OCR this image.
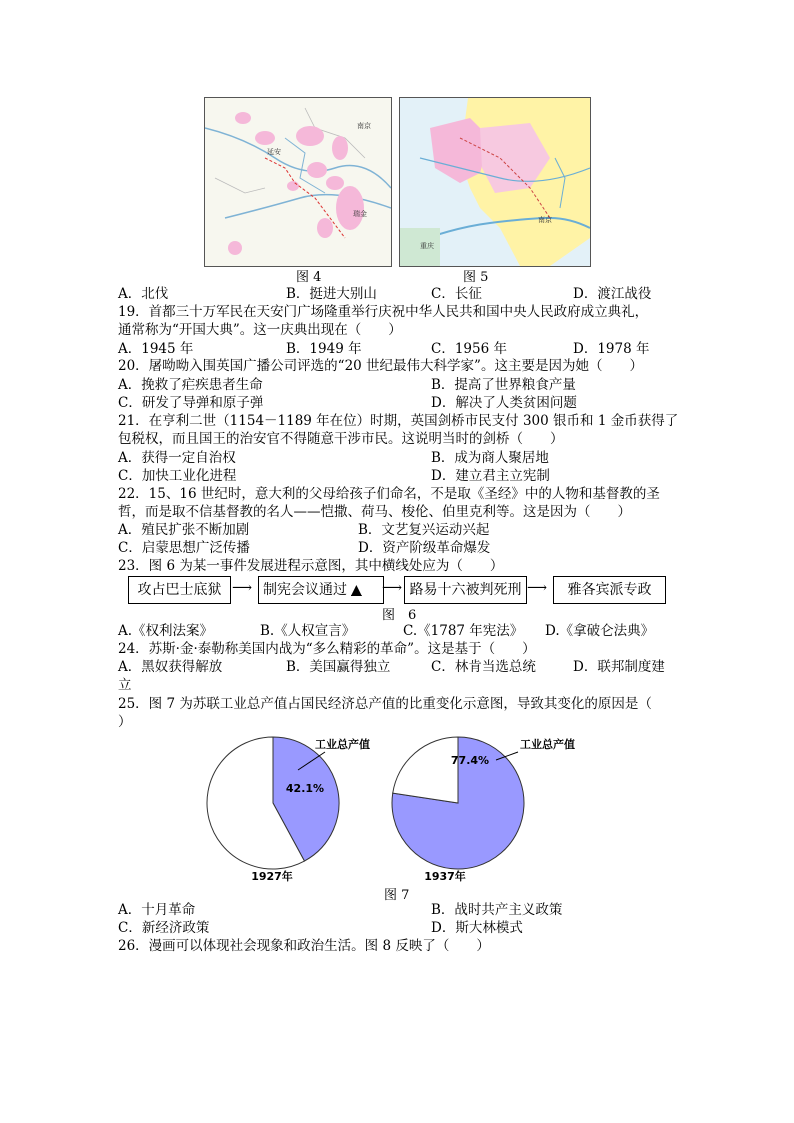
南京
延安
瑞金
图 4
南京
重庆
图 5
A．北伐	B．挺进大别山	C．长征	D．渡江战役
19．首都三十万军民在天安门广场隆重举行庆祝中华人民共和国中央人民政府成立典礼，
通常称为“开国大典”。这一庆典出现在（　　）
A．1945 年	B．1949 年	C．1956 年	D．1978 年
20．屠呦呦入围英国广播公司评选的“20 世纪最伟大科学家”。这主要是因为她（　　）
A．挽救了疟疾患者生命	B．提高了世界粮食产量
C．研发了导弹和原子弹	D．解决了人类贫困问题
21．在亨利二世（1154－1189 年在位）时期，英国剑桥市民支付 300 银币和 1 金币获得了
包税权，而且国王的治安官不得随意干涉市民。这说明当时的剑桥（　　）
A．获得一定自治权	B．成为商人聚居地
C．加快工业化进程	D．建立君主立宪制
22．15、16 世纪时，意大利的父母给孩子们命名，不是取《圣经》中的人物和基督教的圣
哲，而是取不信基督教的名人——恺撒、荷马、梭伦、伯里克利等。这是因为（　　）
A．殖民扩张不断加剧	B．文艺复兴运动兴起
C．启蒙思想广泛传播	D．资产阶级革命爆发
23．图 6 为某一事件发展进程示意图，其中横线处应为（　　）
攻占巴士底狱 ⟶ 制宪会议通过 ▲	⟶ 路易十六被判死刑 ⟶	雅各宾派专政
图　6
A.《权利法案》	B.《人权宣言》	C.《1787 年宪法》 D.《拿破仑法典》
24．苏斯·金·泰勒称美国内战为“多么精彩的革命”。这是基于（　　）
A．黑奴获得解放	B．美国赢得独立	C．林肯当选总统	D．联邦制度建
立
25．图 7 为苏联工业总产值占国民经济总产值的比重变化示意图，导致其变化的原因是（
）
42.1%
工业总产值
1927年
77.4%
工业总产值
1937年
图 7
A．十月革命	B．战时共产主义政策
C．新经济政策	D．斯大林模式
26．漫画可以体现社会现象和政治生活。图 8 反映了（　　）
